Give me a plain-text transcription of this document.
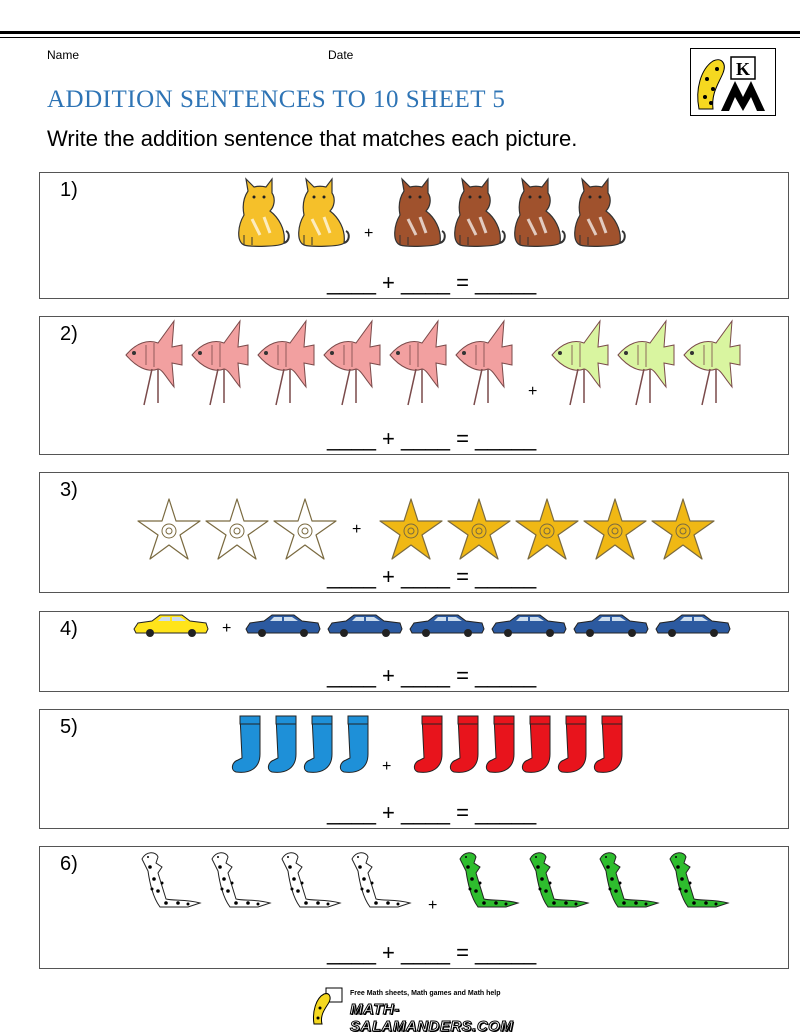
Name	Date
K
ADDITION SENTENCES TO 10 SHEET 5
Write the addition sentence that matches each picture.
1)
+
____ + ____ = _____
2)
+
____ + ____ = _____
3)
+
____ + ____ = _____
4)	+
____ + ____ = _____
5)
+
____ + ____ = _____
6)
+
____ + ____ = _____
Free Math sheets, Math games and Math help
MATH-SALAMANDERS.COM
